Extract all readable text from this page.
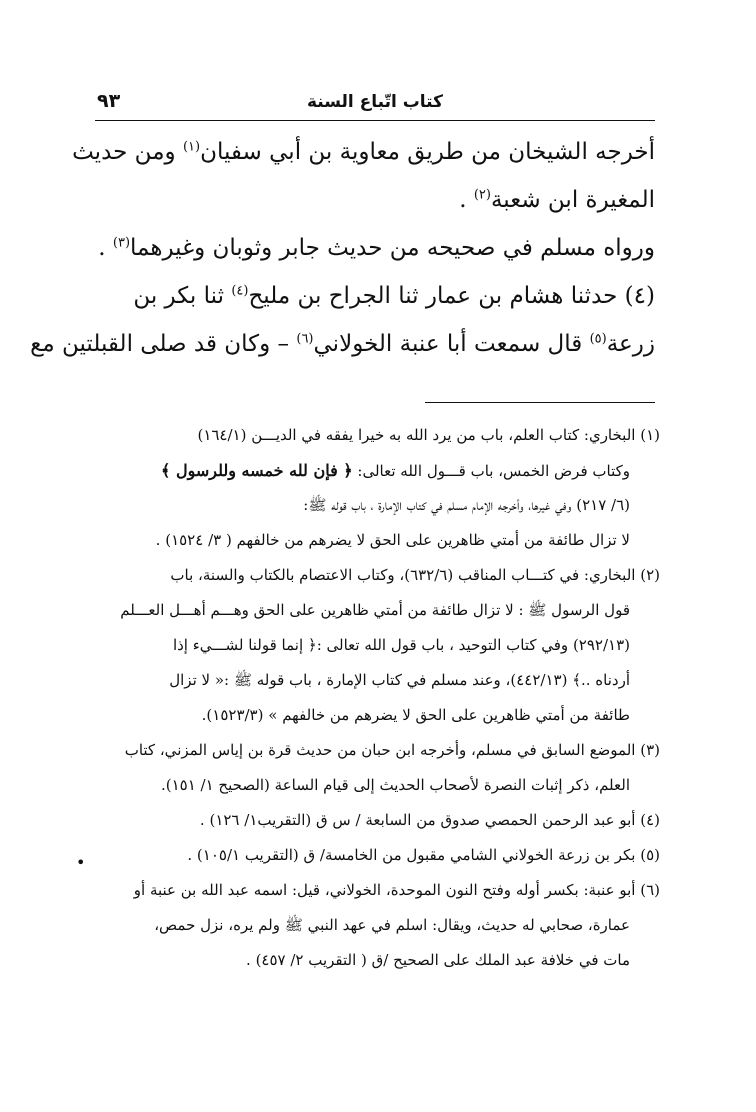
٩٣	كتاب اتّباع السنة
أخرجه الشيخان من طريق معاوية بن أبي سفيان$^{(١)}$ ومن حديث
المغيرة ابن شعبة$^{(٢)}$ .
ورواه مسلم في صحيحه من حديث جابر وثوبان وغيرهما$^{(٣)}$ .
(٤) حدثنا هشام بن عمار ثنا الجراح بن مليح$^{(٤)}$ ثنا بكر بن
زرعة$^{(٥)}$ قال سمعت أبا عنبة الخولاني$^{(٦)}$ – وكان قد صلى القبلتين مع
(١) البخاري: كتاب العلم، باب من يرد الله به خيرا يفقه في الديـــن (١٦٤/١)
وكتاب فرض الخمس، باب قـــول الله تعالى: ﴿ فإن لله خمسه وللرسول ﴾
(٦/ ٢١٧) وفي غيرها، وأخرجه الإمام مسلم في كتاب الإمارة ، باب قوله ﷺ:
لا تزال طائفة من أمتي ظاهرين على الحق لا يضرهم من خالفهم ( ٣/ ١٥٢٤) .
(٢) البخاري: في كتـــاب المناقب (٦٣٢/٦)، وكتاب الاعتصام بالكتاب والسنة، باب
قول الرسول ﷺ : لا تزال طائفة من أمتي ظاهرين على الحق وهـــم أهـــل العـــلم
(٢٩٢/١٣) وفي كتاب التوحيد ، باب قول الله تعالى :﴿ إنما قولنا لشـــيء إذا
أردناه ..﴾ (٤٤٢/١٣)، وعند مسلم في كتاب الإمارة ، باب قوله ﷺ :« لا تزال
طائفة من أمتي ظاهرين على الحق لا يضرهم من خالفهم » (١٥٢٣/٣).
(٣) الموضع السابق في مسلم، وأخرجه ابن حبان من حديث قرة بن إياس المزني، كتاب
العلم، ذكر إثبات النصرة لأصحاب الحديث إلى قيام الساعة (الصحيح ١/ ١٥١).
(٤) أبو عبد الرحمن الحمصي صدوق من السابعة / س ق (التقريب١/ ١٢٦) .
(٥) بكر بن زرعة الخولاني الشامي مقبول من الخامسة/ ق (التقريب ١٠٥/١) .
(٦) أبو عنبة: بكسر أوله وفتح النون الموحدة، الخولاني، قيل: اسمه عبد الله بن عنبة أو
عمارة، صحابي له حديث، ويقال: اسلم في عهد النبي ﷺ ولم يره، نزل حمص،
مات في خلافة عبد الملك على الصحيح /ق ( التقريب ٢/ ٤٥٧) .
•
